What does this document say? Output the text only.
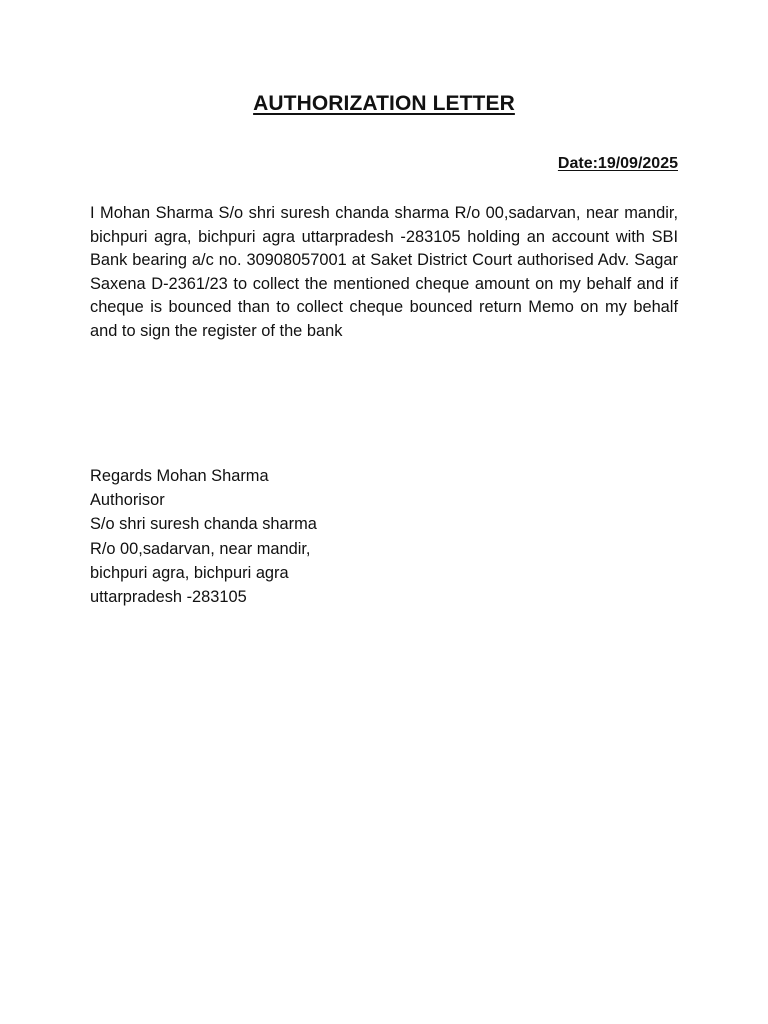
AUTHORIZATION LETTER
Date:19/09/2025
I Mohan Sharma S/o shri suresh chanda sharma R/o 00,sadarvan, near mandir, bichpuri agra, bichpuri agra uttarpradesh -283105 holding an account with SBI Bank bearing a/c no. 30908057001 at Saket District Court authorised Adv. Sagar Saxena D-2361/23 to collect the mentioned cheque amount on my behalf and if cheque is bounced than to collect cheque bounced return Memo on my behalf and to sign the register of the bank
Regards Mohan Sharma
Authorisor
S/o shri suresh chanda sharma
R/o 00,sadarvan, near mandir,
bichpuri agra, bichpuri agra
uttarpradesh -283105
